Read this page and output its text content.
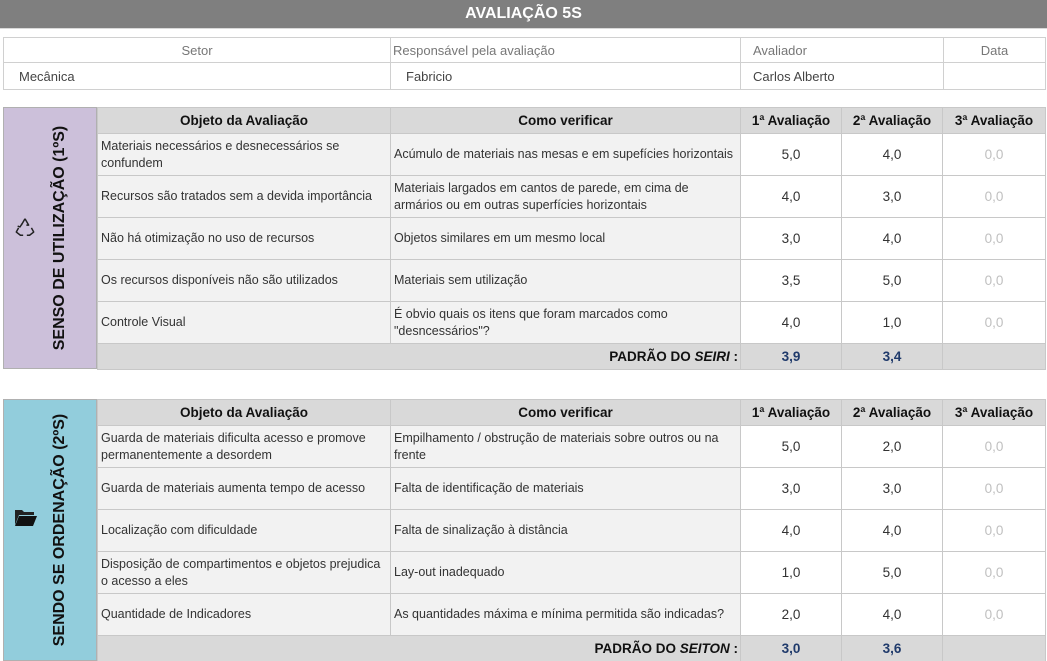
AVALIAÇÃO 5S
Setor	Responsável pela avaliação	Avaliador	Data
Mecânica	Fabricio	Carlos Alberto	
SENSO DE UTILIZAÇÃO (1ºS)
Objeto da Avaliação	Como verificar	1ª Avaliação	2ª Avaliação	3ª Avaliação
Materiais necessários e desnecessários se confundem	Acúmulo de materiais nas mesas e em supefícies horizontais	5,0	4,0	0,0
Recursos são tratados sem a devida importância	Materiais largados em cantos de parede, em cima de armários ou em outras superfícies horizontais	4,0	3,0	0,0
Não há otimização no uso de recursos	Objetos similares em um mesmo local	3,0	4,0	0,0
Os recursos disponíveis não são utilizados	Materiais sem utilização	3,5	5,0	0,0
Controle Visual	É obvio quais os itens que foram marcados como "desncessários"?	4,0	1,0	0,0
PADRÃO DO SEIRI :		3,9	3,4	
SENDO SE ORDENAÇÃO (2ºS)
Objeto da Avaliação	Como verificar	1ª Avaliação	2ª Avaliação	3ª Avaliação
Guarda de materiais dificulta acesso e promove permanentemente a desordem	Empilhamento / obstrução de materiais sobre outros ou na frente	5,0	2,0	0,0
Guarda de materiais aumenta tempo de acesso	Falta de identificação de materiais	3,0	3,0	0,0
Localização com dificuldade	Falta de sinalização à distância	4,0	4,0	0,0
Disposição de compartimentos e objetos prejudica o acesso a eles	Lay-out inadequado	1,0	5,0	0,0
Quantidade de Indicadores	As quantidades máxima e mínima permitida são indicadas?	2,0	4,0	0,0
PADRÃO DO SEITON :		3,0	3,6	
